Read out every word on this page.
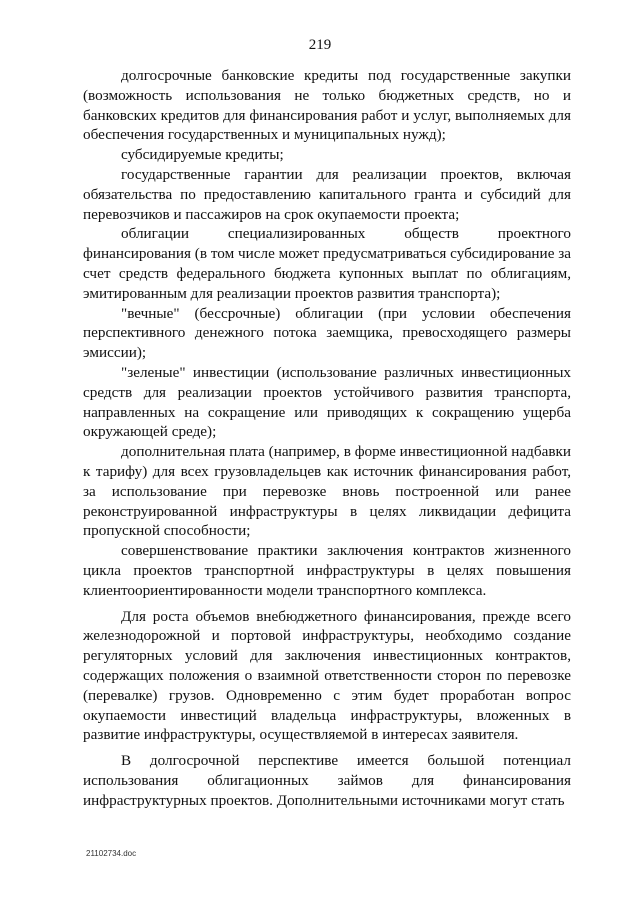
219

долгосрочные банковские кредиты под государственные закупки (возможность использования не только бюджетных средств, но и банковских кредитов для финансирования работ и услуг, выполняемых для обеспечения государственных и муниципальных нужд);

субсидируемые кредиты;

государственные гарантии для реализации проектов, включая обязательства по предоставлению капитального гранта и субсидий для перевозчиков и пассажиров на срок окупаемости проекта;

облигации специализированных обществ проектного финансирования (в том числе может предусматриваться субсидирование за счет средств федерального бюджета купонных выплат по облигациям, эмитированным для реализации проектов развития транспорта);

"вечные" (бессрочные) облигации (при условии обеспечения перспективного денежного потока заемщика, превосходящего размеры эмиссии);

"зеленые" инвестиции (использование различных инвестиционных средств для реализации проектов устойчивого развития транспорта, направленных на сокращение или приводящих к сокращению ущерба окружающей среде);

дополнительная плата (например, в форме инвестиционной надбавки к тарифу) для всех грузовладельцев как источник финансирования работ, за использование при перевозке вновь построенной или ранее реконструированной инфраструктуры в целях ликвидации дефицита пропускной способности;

совершенствование практики заключения контрактов жизненного цикла проектов транспортной инфраструктуры в целях повышения клиентоориентированности модели транспортного комплекса.

Для роста объемов внебюджетного финансирования, прежде всего железнодорожной и портовой инфраструктуры, необходимо создание регуляторных условий для заключения инвестиционных контрактов, содержащих положения о взаимной ответственности сторон по перевозке (перевалке) грузов. Одновременно с этим будет проработан вопрос окупаемости инвестиций владельца инфраструктуры, вложенных в развитие инфраструктуры, осуществляемой в интересах заявителя.

В долгосрочной перспективе имеется большой потенциал использования облигационных займов для финансирования инфраструктурных проектов. Дополнительными источниками могут стать

21102734.doc
